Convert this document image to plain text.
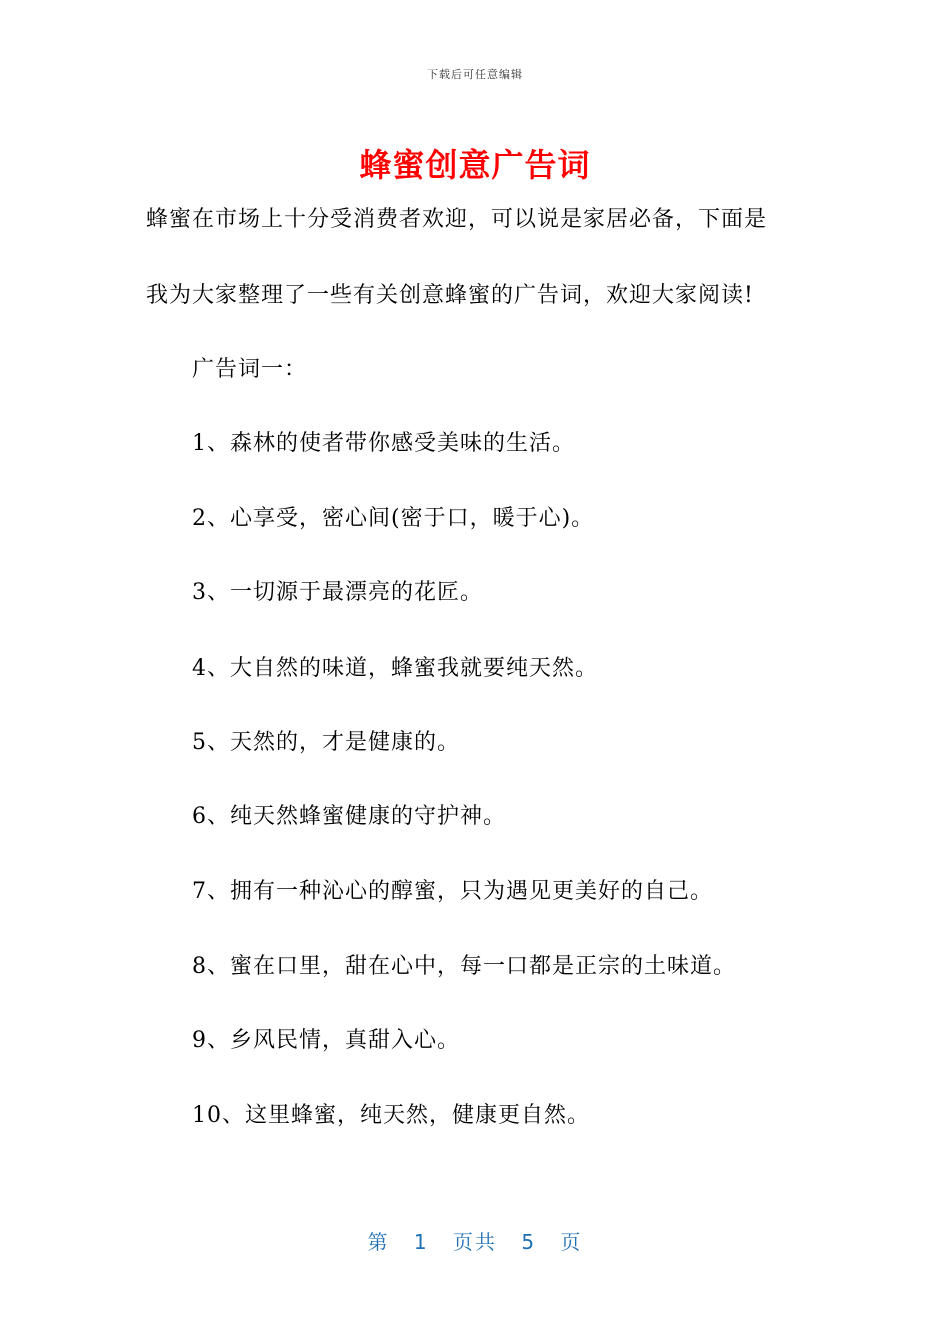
下载后可任意编辑
蜂蜜创意广告词
蜂蜜在市场上十分受消费者欢迎，可以说是家居必备，下面是
我为大家整理了一些有关创意蜂蜜的广告词，欢迎大家阅读!
广告词一：
1、森林的使者带你感受美味的生活。
2、心享受，密心间(密于口，暖于心)。
3、一切源于最漂亮的花匠。
4、大自然的味道，蜂蜜我就要纯天然。
5、天然的，才是健康的。
6、纯天然蜂蜜健康的守护神。
7、拥有一种沁心的醇蜜，只为遇见更美好的自己。
8、蜜在口里，甜在心中，每一口都是正宗的土味道。
9、乡风民情，真甜入心。
10、这里蜂蜜，纯天然，健康更自然。
第 1 页共 5 页
